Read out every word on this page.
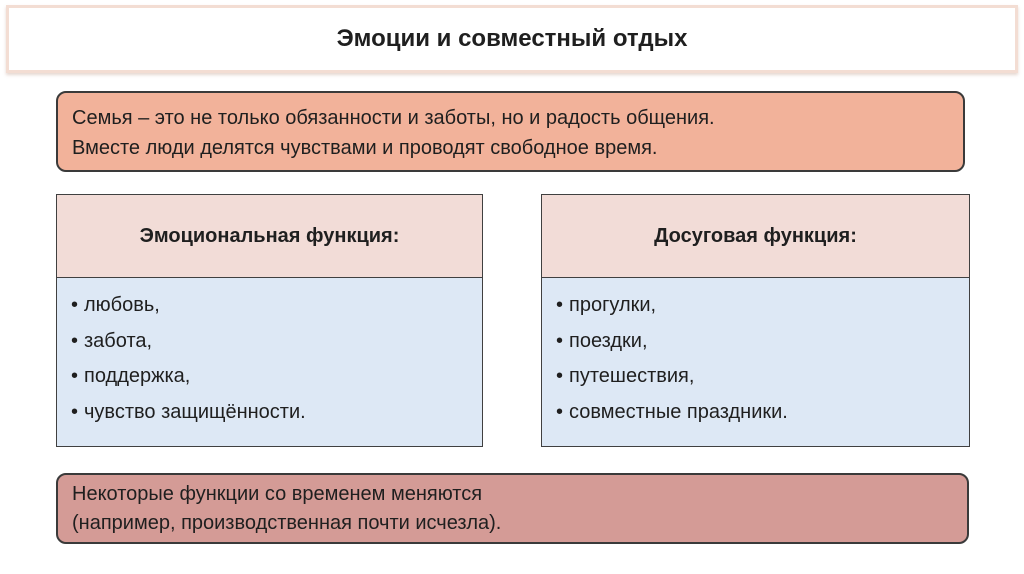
Эмоции и совместный отдых
Семья – это не только обязанности и заботы, но и радость общения.
Вместе люди делятся чувствами и проводят свободное время.
Эмоциональная функция:
• любовь,
• забота,
• поддержка,
• чувство защищённости.
Досуговая функция:
• прогулки,
• поездки,
• путешествия,
• совместные праздники.
Некоторые функции со временем меняются
(например, производственная почти исчезла).
